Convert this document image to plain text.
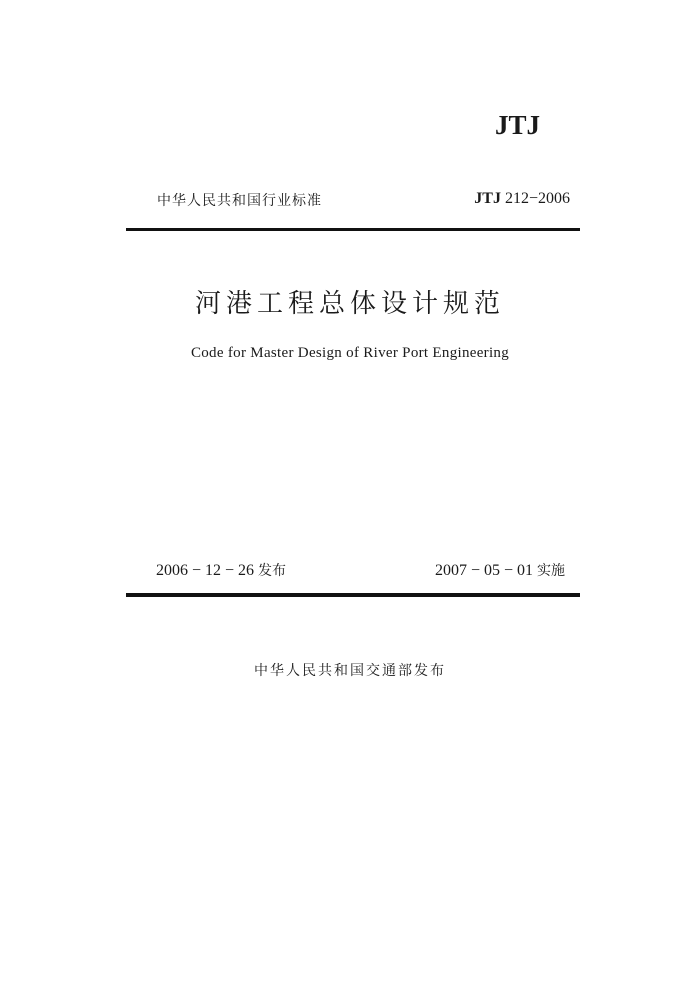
JTJ
中华人民共和国行业标准	JTJ 212−2006
河港工程总体设计规范
Code for Master Design of River Port Engineering
2006 − 12 − 26 发布	2007 − 05 − 01 实施
中华人民共和国交通部发布
